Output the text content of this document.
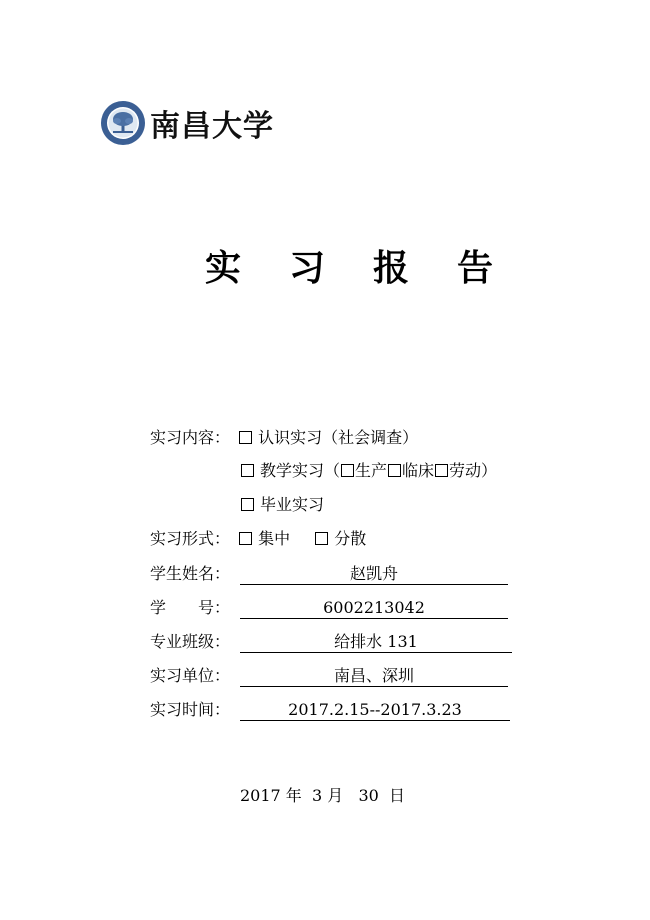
南昌大学
实习报告
实习内容： 认识实习（社会调查）
教学实习（ 生产 临床 劳动）
毕业实习
实习形式： 集中	分散
学生姓名：	赵凯舟
学　　号：	6002213042
专业班级：	给排水 131
实习单位：	南昌、深圳
实习时间：	2017.2.15--2017.3.23
2017 年  3 月   30  日
